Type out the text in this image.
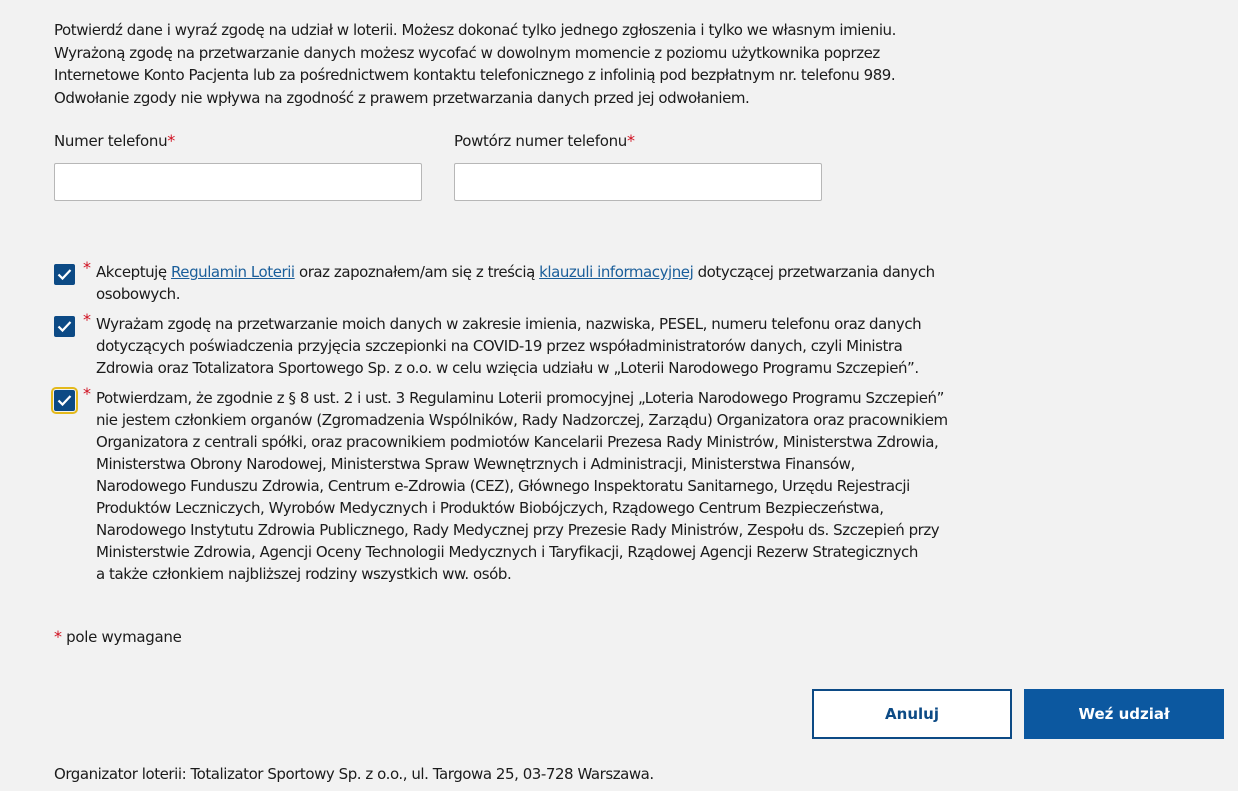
Potwierdź dane i wyraź zgodę na udział w loterii. Możesz dokonać tylko jednego zgłoszenia i tylko we własnym imieniu.
Wyrażoną zgodę na przetwarzanie danych możesz wycofać w dowolnym momencie z poziomu użytkownika poprzez
Internetowe Konto Pacjenta lub za pośrednictwem kontaktu telefonicznego z infolinią pod bezpłatnym nr. telefonu 989.
Odwołanie zgody nie wpływa na zgodność z prawem przetwarzania danych przed jej odwołaniem.
Numer telefonu*	Powtórz numer telefonu*
* Akceptuję Regulamin Loterii oraz zapoznałem/am się z treścią klauzuli informacyjnej dotyczącej przetwarzania danych
osobowych.
* Wyrażam zgodę na przetwarzanie moich danych w zakresie imienia, nazwiska, PESEL, numeru telefonu oraz danych
dotyczących poświadczenia przyjęcia szczepionki na COVID-19 przez współadministratorów danych, czyli Ministra
Zdrowia oraz Totalizatora Sportowego Sp. z o.o. w celu wzięcia udziału w „Loterii Narodowego Programu Szczepień”.
* Potwierdzam, że zgodnie z § 8 ust. 2 i ust. 3 Regulaminu Loterii promocyjnej „Loteria Narodowego Programu Szczepień”
nie jestem członkiem organów (Zgromadzenia Wspólników, Rady Nadzorczej, Zarządu) Organizatora oraz pracownikiem
Organizatora z centrali spółki, oraz pracownikiem podmiotów Kancelarii Prezesa Rady Ministrów, Ministerstwa Zdrowia,
Ministerstwa Obrony Narodowej, Ministerstwa Spraw Wewnętrznych i Administracji, Ministerstwa Finansów,
Narodowego Funduszu Zdrowia, Centrum e-Zdrowia (CEZ), Głównego Inspektoratu Sanitarnego, Urzędu Rejestracji
Produktów Leczniczych, Wyrobów Medycznych i Produktów Biobójczych, Rządowego Centrum Bezpieczeństwa,
Narodowego Instytutu Zdrowia Publicznego, Rady Medycznej przy Prezesie Rady Ministrów, Zespołu ds. Szczepień przy
Ministerstwie Zdrowia, Agencji Oceny Technologii Medycznych i Taryfikacji, Rządowej Agencji Rezerw Strategicznych
a także członkiem najbliższej rodziny wszystkich ww. osób.
* pole wymagane
Anuluj	Weź udział
Organizator loterii: Totalizator Sportowy Sp. z o.o., ul. Targowa 25, 03-728 Warszawa.
